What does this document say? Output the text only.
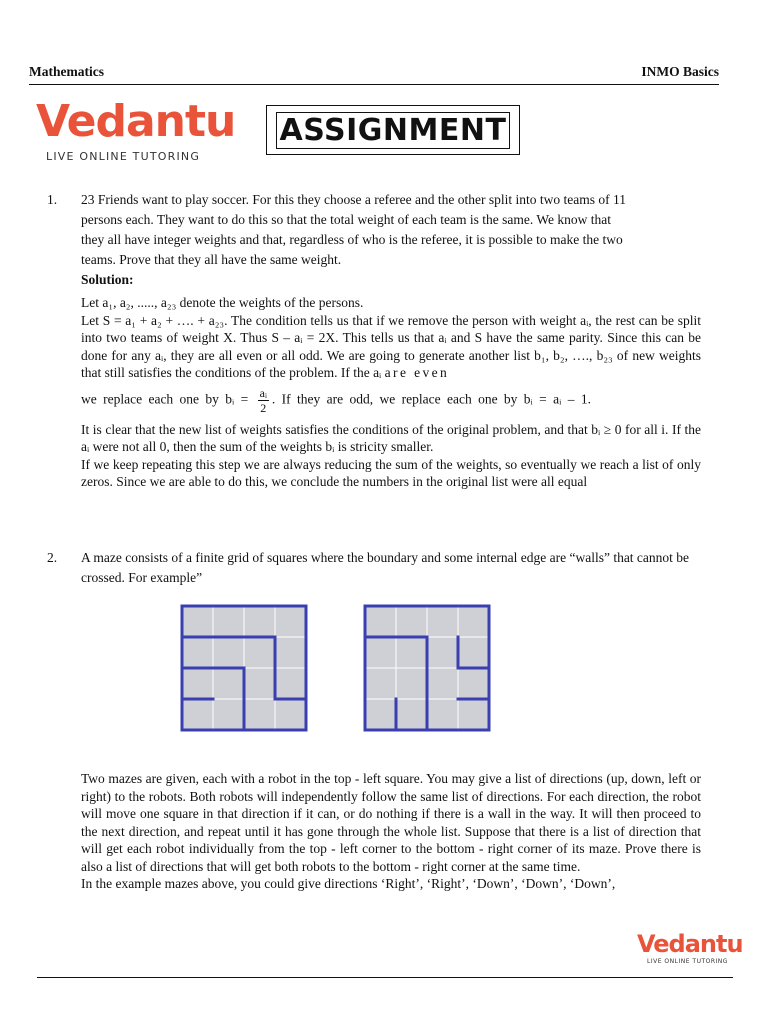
Mathematics	INMO Basics
Vedantu
LIVE ONLINE TUTORING
ASSIGNMENT
1. 23 Friends want to play soccer. For this they choose a referee and the other split into two teams of 11

persons each. They want to do this so that the total weight of each team is the same. We know that

they all have integer weights and that, regardless of who is the referee, it is possible to make the two

teams. Prove that they all have the same weight.

Solution:

Let a₁, a₂, ....., a₂₃ denote the weights of the persons.

Let S = a₁ + a₂ + …. + a₂₃. The condition tells us that if we remove the person with weight aᵢ, the rest can be split into two teams of weight X. Thus S – aᵢ = 2X. This tells us that aᵢ and S have the same parity. Since this can be done for any aᵢ, they are all even or all odd. We are going to generate another list b₁, b₂, …., b₂₃ of new weights that still satisfies the conditions of the problem. If the aᵢ are even

we replace each one by bᵢ = $\frac{\text{aᵢ}}{2}$ . If they are odd, we replace each one by bᵢ = aᵢ – 1.

It is clear that the new list of weights satisfies the conditions of the original problem, and that bᵢ ≥ 0 for all i. If the aᵢ were not all 0, then the sum of the weights bᵢ is stricity smaller.

If we keep repeating this step we are always reducing the sum of the weights, so eventually we reach a list of only zeros. Since we are able to do this, we conclude the numbers in the original list were all equal

2. A maze consists of a finite grid of squares where the boundary and some internal edge are “walls” that cannot be crossed. For example”

Two mazes are given, each with a robot in the top - left square. You may give a list of directions (up, down, left or right) to the robots. Both robots will independently follow the same list of directions. For each direction, the robot will move one square in that direction if it can, or do nothing if there is a wall in the way. It will then proceed to the next direction, and repeat until it has gone through the whole list. Suppose that there is a list of direction that will get each robot individually from the top - left corner to the bottom - right corner of its maze. Prove there is also a list of directions that will get both robots to the bottom - right corner at the same time.

In the example mazes above, you could give directions ‘Right’, ‘Right’, ‘Down’, ‘Down’, ‘Down’,

Vedantu
LIVE ONLINE TUTORING
